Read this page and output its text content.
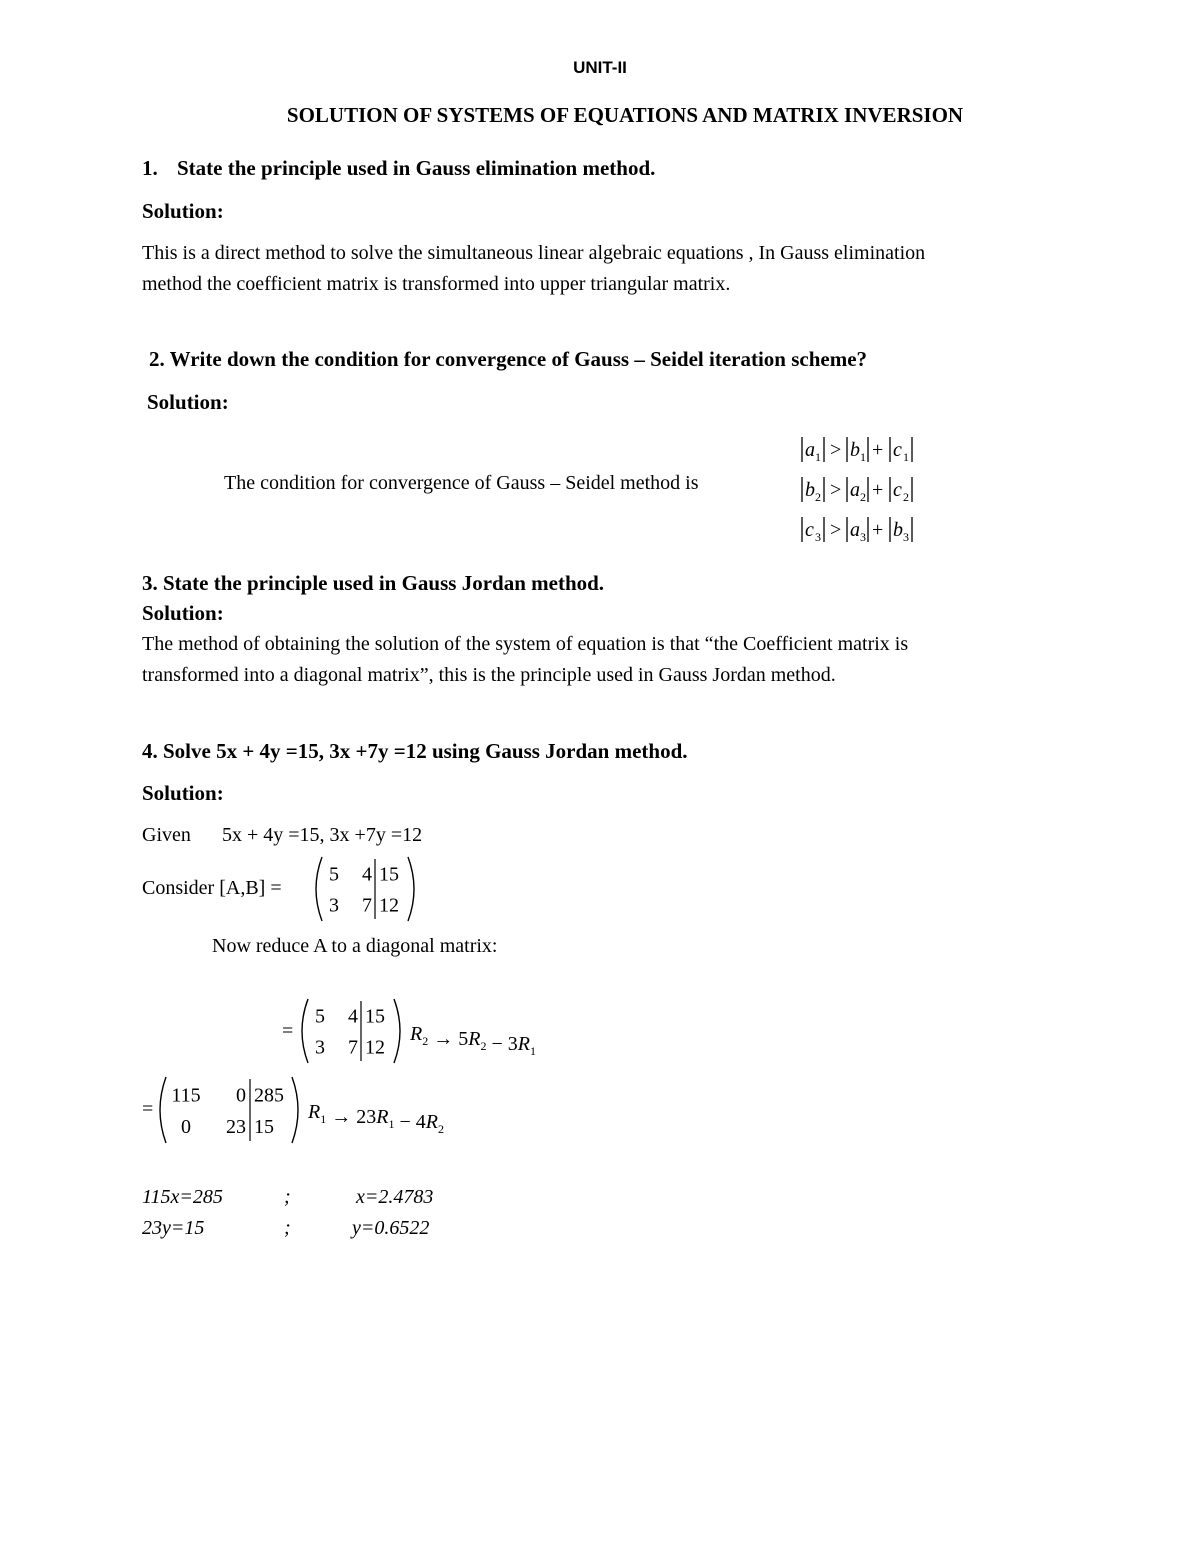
UNIT-II
SOLUTION OF SYSTEMS OF EQUATIONS AND MATRIX INVERSION
1. State the principle used in Gauss elimination method.
Solution:
This is a direct method to solve the simultaneous linear algebraic equations , In Gauss elimination
method the coefficient matrix is transformed into upper triangular matrix.
2. Write down the condition for convergence of Gauss – Seidel iteration scheme?
Solution:
The condition for convergence of Gauss – Seidel method is
a 1 > b 1 + c 1
b 2 > a 2 + c 2
c 3 > a 3 + b 3
3. State the principle used in Gauss Jordan method.
Solution:
The method of obtaining the solution of the system of equation is that “the Coefficient matrix is
transformed into a diagonal matrix”, this is the principle used in Gauss Jordan method.
4. Solve 5x + 4y =15, 3x +7y =12 using Gauss Jordan method.
Solution:
Given 5x + 4y =15, 3x +7y =12
Consider [A,B] =
5 4 15
3 7 12
Now reduce A to a diagonal matrix:
=
5 4 15
3 7 12
$R_2 \to 5R_2 - 3R_1$
=
115 0 285
0 23 15
$R_1 \to 23R_1 - 4R_2$
115x=285	;	x=2.4783
23y=15	;	y=0.6522
